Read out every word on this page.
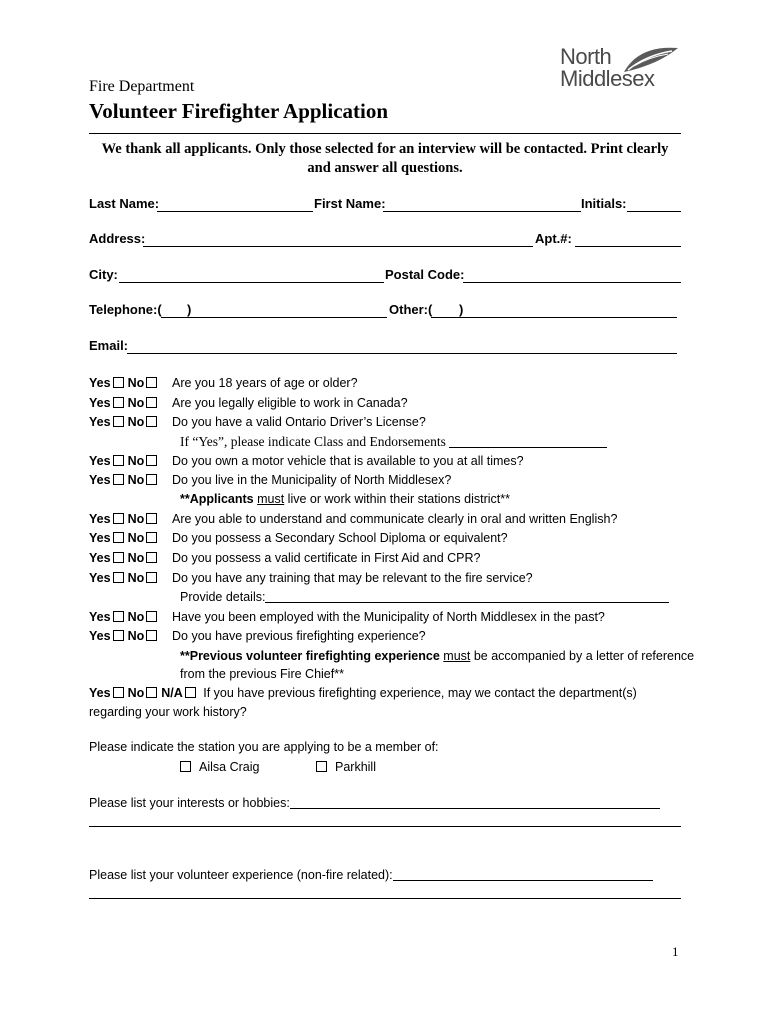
Fire Department
Volunteer Firefighter Application
North
Middlesex
We thank all applicants. Only those selected for an interview will be contacted. Print clearly and answer all questions.
Last Name:	First Name:	Initials:
Address:	Apt.#:
City:	Postal Code:
Telephone:( )	Other:( )
Email:
Yes No Are you 18 years of age or older?
Yes No Are you legally eligible to work in Canada?
Yes No Do you have a valid Ontario Driver’s License?
If “Yes”, please indicate Class and Endorsements
Yes No Do you own a motor vehicle that is available to you at all times?
Yes No Do you live in the Municipality of North Middlesex?
**Applicants must live or work within their stations district**
Yes No Are you able to understand and communicate clearly in oral and written English?
Yes No Do you possess a Secondary School Diploma or equivalent?
Yes No Do you possess a valid certificate in First Aid and CPR?
Yes No Do you have any training that may be relevant to the fire service?
Provide details:
Yes No Have you been employed with the Municipality of North Middlesex in the past?
Yes No Do you have previous firefighting experience?
**Previous volunteer firefighting experience must be accompanied by a letter of reference
from the previous Fire Chief**
Yes No N/A If you have previous firefighting experience, may we contact the department(s)
regarding your work history?
Please indicate the station you are applying to be a member of:
Ailsa Craig	Parkhill
Please list your interests or hobbies:
Please list your volunteer experience (non-fire related):
1
